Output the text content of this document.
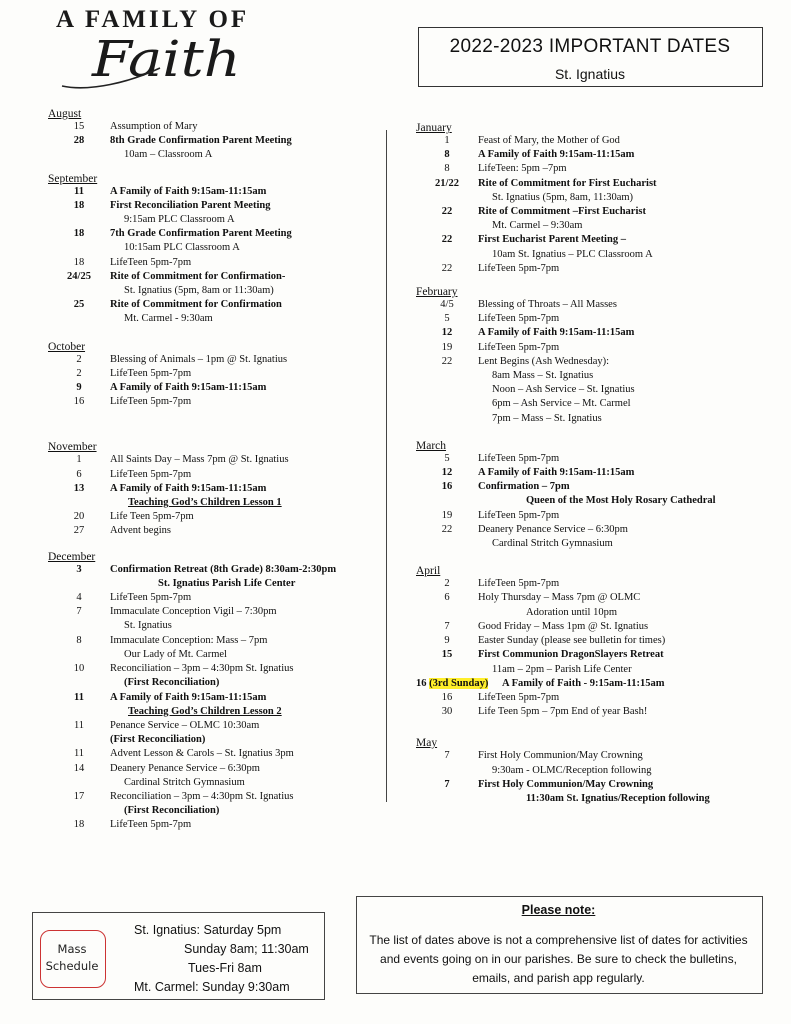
A FAMILY OF
Faith	2022-2023 IMPORTANT DATES
St. Ignatius
August
15	Assumption of Mary
28	8th Grade Confirmation Parent Meeting
10am – Classroom A
September
11	A Family of Faith 9:15am-11:15am
18	First Reconciliation Parent Meeting
9:15am PLC Classroom A
18	7th Grade Confirmation Parent Meeting
10:15am PLC Classroom A
18	LifeTeen 5pm-7pm
24/25	Rite of Commitment for Confirmation-
St. Ignatius (5pm, 8am or 11:30am)
25	Rite of Commitment for Confirmation
Mt. Carmel - 9:30am
October
2	Blessing of Animals – 1pm @ St. Ignatius
2	LifeTeen 5pm-7pm
9	A Family of Faith 9:15am-11:15am
16	LifeTeen 5pm-7pm
November
1	All Saints Day – Mass 7pm @ St. Ignatius
6	LifeTeen 5pm-7pm
13	A Family of Faith 9:15am-11:15am
Teaching God’s Children Lesson 1
20	Life Teen 5pm-7pm
27	Advent begins
December
3	Confirmation Retreat (8th Grade) 8:30am-2:30pm
St. Ignatius Parish Life Center
4	LifeTeen 5pm-7pm
7	Immaculate Conception Vigil – 7:30pm
St. Ignatius
8	Immaculate Conception: Mass – 7pm
Our Lady of Mt. Carmel
10	Reconciliation – 3pm – 4:30pm St. Ignatius
(First Reconciliation)
11	A Family of Faith 9:15am-11:15am
Teaching God’s Children Lesson 2
11	Penance Service – OLMC 10:30am
(First Reconciliation)
11	Advent Lesson & Carols – St. Ignatius 3pm
14	Deanery Penance Service – 6:30pm
Cardinal Stritch Gymnasium
17	Reconciliation – 3pm – 4:30pm St. Ignatius
(First Reconciliation)
18	LifeTeen 5pm-7pm
January
1	Feast of Mary, the Mother of God
8	A Family of Faith 9:15am-11:15am
8	LifeTeen: 5pm –7pm
21/22	Rite of Commitment for First Eucharist
St. Ignatius (5pm, 8am, 11:30am)
22	Rite of Commitment –First Eucharist
Mt. Carmel – 9:30am
22	First Eucharist Parent Meeting –
10am St. Ignatius – PLC Classroom A
22	LifeTeen 5pm-7pm
February
4/5	Blessing of Throats – All Masses
5	LifeTeen 5pm-7pm
12	A Family of Faith 9:15am-11:15am
19	LifeTeen 5pm-7pm
22	Lent Begins (Ash Wednesday):
8am Mass – St. Ignatius
Noon – Ash Service – St. Ignatius
6pm – Ash Service – Mt. Carmel
7pm – Mass – St. Ignatius
March
5	LifeTeen 5pm-7pm
12	A Family of Faith 9:15am-11:15am
16	Confirmation – 7pm
Queen of the Most Holy Rosary Cathedral
19	LifeTeen 5pm-7pm
22	Deanery Penance Service – 6:30pm
Cardinal Stritch Gymnasium
April
2	LifeTeen 5pm-7pm
6	Holy Thursday – Mass 7pm @ OLMC
Adoration until 10pm
7	Good Friday – Mass 1pm @ St. Ignatius
9	Easter Sunday (please see bulletin for times)
15	First Communion DragonSlayers Retreat
11am – 2pm – Parish Life Center
16 (3rd Sunday)	A Family of Faith - 9:15am-11:15am
16	LifeTeen 5pm-7pm
30	Life Teen 5pm – 7pm End of year Bash!
May
7	First Holy Communion/May Crowning
9:30am - OLMC/Reception following
7	First Holy Communion/May Crowning
11:30am St. Ignatius/Reception following
Mass
Schedule
St. Ignatius: Saturday 5pm
Sunday 8am; 11:30am
Tues-Fri 8am
Mt. Carmel: Sunday 9:30am
Please note:
The list of dates above is not a comprehensive list of dates for activities and events going on in our parishes. Be sure to check the bulletins, emails, and parish app regularly.
